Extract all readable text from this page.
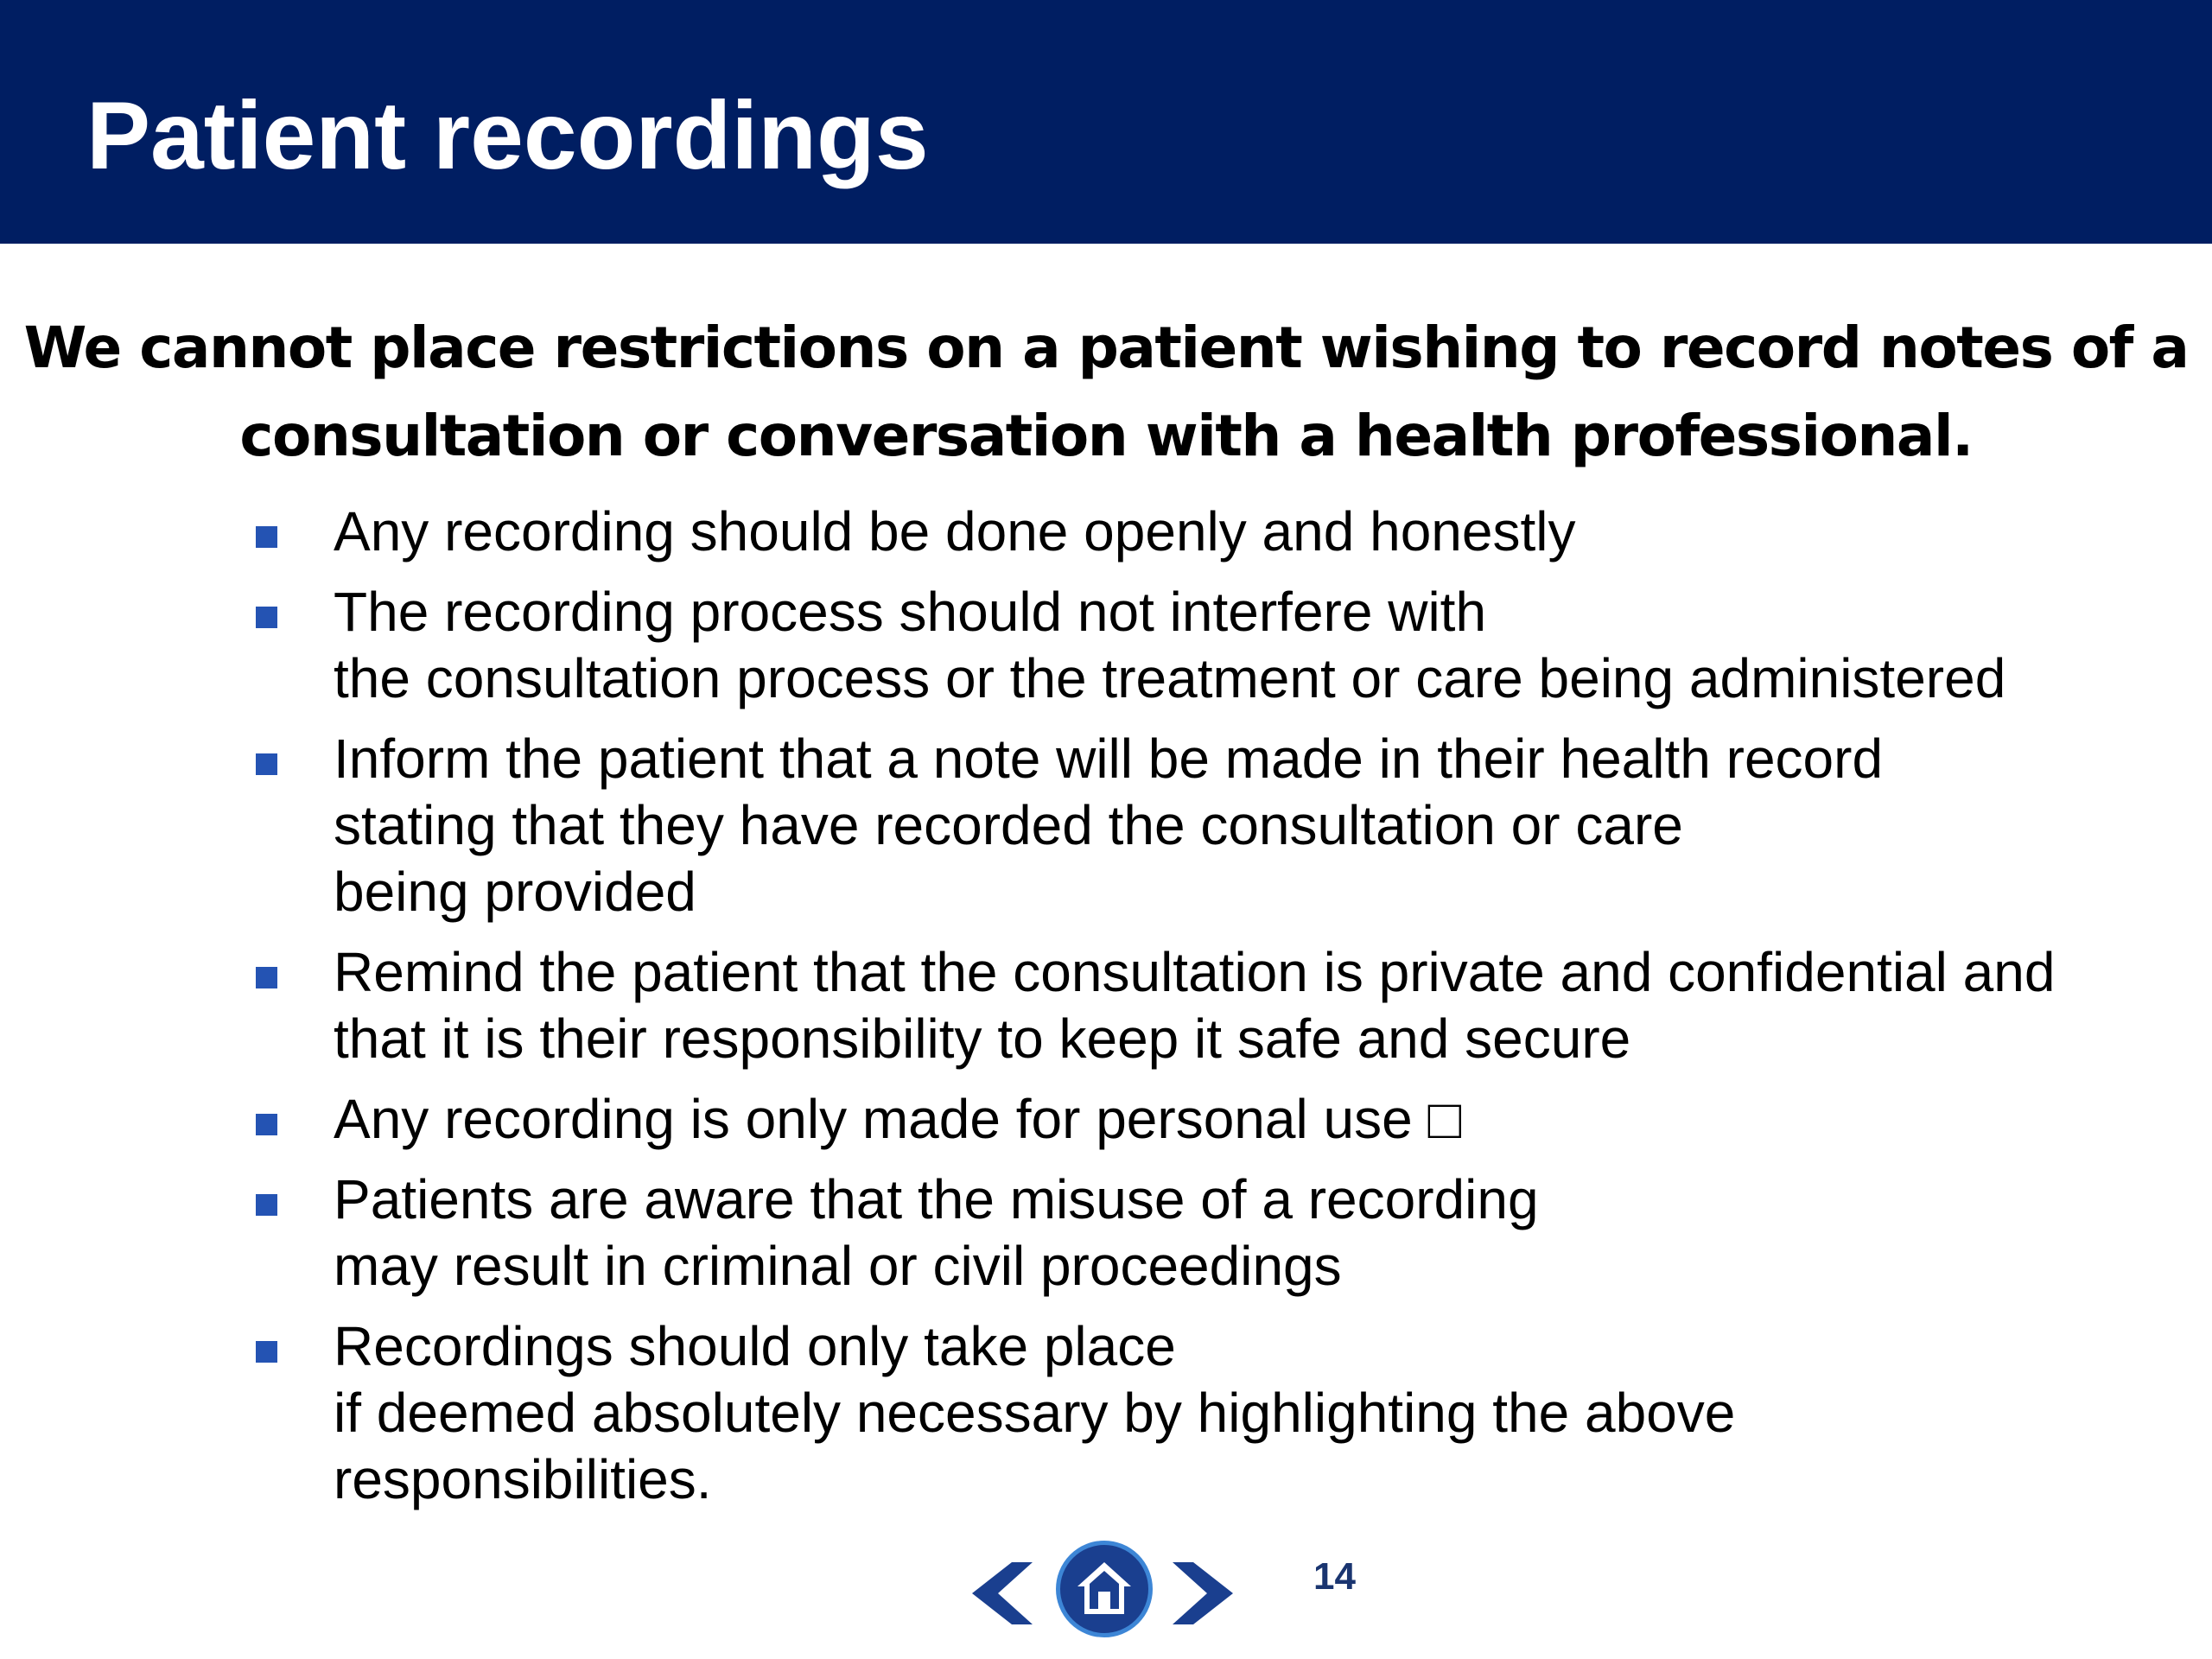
Patient recordings

We cannot place restrictions on a patient wishing to record notes of a consultation or conversation with a health professional.

Any recording should be done openly and honestly
The recording process should not interfere with
the consultation process or the treatment or care being administered
Inform the patient that a note will be made in their health record
stating that they have recorded the consultation or care
being provided
Remind the patient that the consultation is private and confidential and
that it is their responsibility to keep it safe and secure
Any recording is only made for personal use □
Patients are aware that the misuse of a recording
may result in criminal or civil proceedings
Recordings should only take place
if deemed absolutely necessary by highlighting the above
responsibilities.
14
